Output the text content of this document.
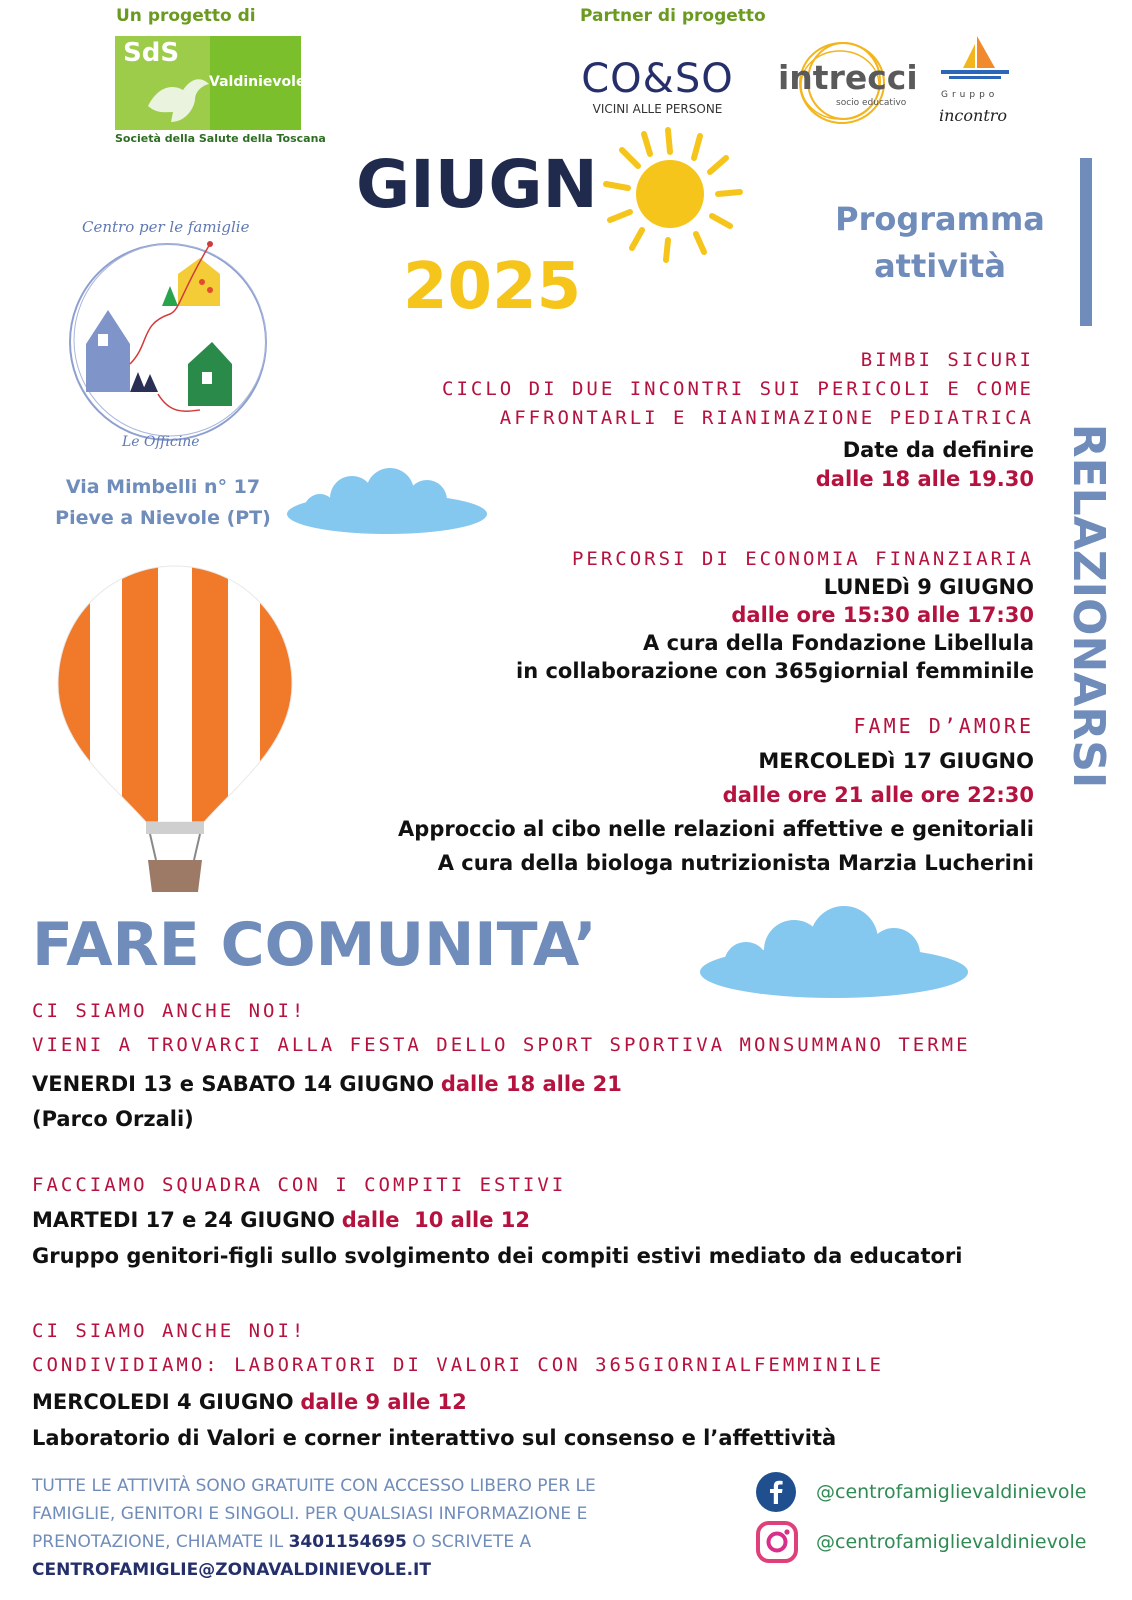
Un progetto di	Partner di progetto
SdS
Valdinievole
Società della Salute della Toscana
CO&SO
VICINI ALLE PERSONE
intrecci
socio educativo
Gruppo
incontro
GIUGN
2025
Programma
attività
RELAZIONARSI
Centro per le famiglie
Le Officine
Via Mimbelli n° 17
Pieve a Nievole (PT)
BIMBI SICURI
CICLO DI DUE INCONTRI SUI PERICOLI E COME
AFFRONTARLI E RIANIMAZIONE PEDIATRICA
Date da definire
dalle 18 alle 19.30
PERCORSI DI ECONOMIA FINANZIARIA
LUNEDì 9 GIUGNO
dalle ore 15:30 alle 17:30
A cura della Fondazione Libellula
in collaborazione con 365giornial femminile
FAME D’AMORE
MERCOLEDì 17 GIUGNO
dalle ore 21 alle ore 22:30
Approccio al cibo nelle relazioni affettive e genitoriali
A cura della biologa nutrizionista Marzia Lucherini
FARE COMUNITA’
CI SIAMO ANCHE NOI!
VIENI A TROVARCI ALLA FESTA DELLO SPORT SPORTIVA MONSUMMANO TERME
VENERDI 13 e SABATO 14 GIUGNO dalle 18 alle 21
(Parco Orzali)
FACCIAMO SQUADRA CON I COMPITI ESTIVI
MARTEDI 17 e 24 GIUGNO dalle  10 alle 12
Gruppo genitori-figli sullo svolgimento dei compiti estivi mediato da educatori
CI SIAMO ANCHE NOI!
CONDIVIDIAMO: LABORATORI DI VALORI CON 365GIORNIALFEMMINILE
MERCOLEDI 4 GIUGNO dalle 9 alle 12
Laboratorio di Valori e corner interattivo sul consenso e l’affettività
TUTTE LE ATTIVITÀ SONO GRATUITE CON ACCESSO LIBERO PER LE
FAMIGLIE, GENITORI E SINGOLI. PER QUALSIASI INFORMAZIONE E
PRENOTAZIONE, CHIAMATE IL 3401154695 O SCRIVETE A
CENTROFAMIGLIE@ZONAVALDINIEVOLE.IT
@centrofamiglievaldinievole
@centrofamiglievaldinievole
